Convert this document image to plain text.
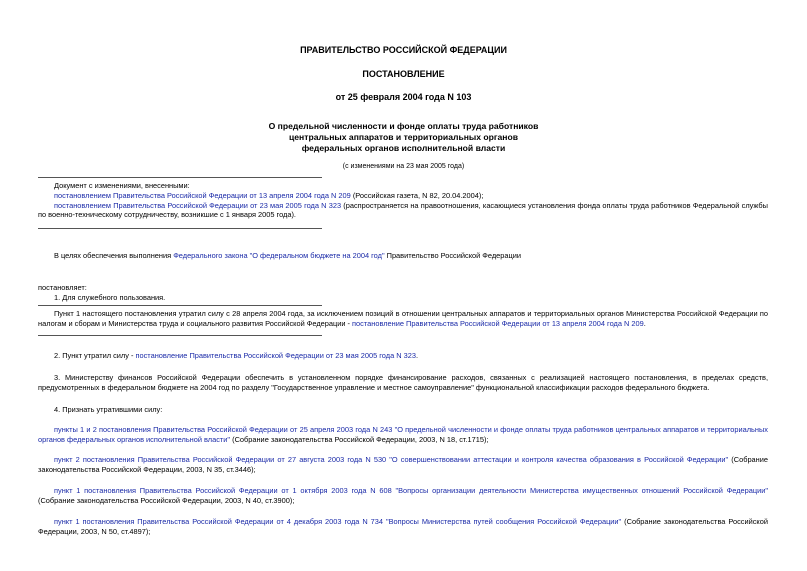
ПРАВИТЕЛЬСТВО РОССИЙСКОЙ ФЕДЕРАЦИИ
ПОСТАНОВЛЕНИЕ
от 25 февраля 2004 года N 103
О предельной численности и фонде оплаты труда работников
центральных аппаратов и территориальных органов
федеральных органов исполнительной власти
(с изменениями на 23 мая 2005 года)

Документ с изменениями, внесенными:

постановлением Правительства Российской Федерации от 13 апреля 2004 года N 209 (Российская газета, N 82, 20.04.2004);

постановлением Правительства Российской Федерации от 23 мая 2005 года N 323 (распространяется на правоотношения, касающиеся установления фонда оплаты труда работников Федеральной службы по военно-техническому сотрудничеству, возникшие с 1 января 2005 года).

В целях обеспечения выполнения Федерального закона "О федеральном бюджете на 2004 год" Правительство Российской Федерации

постановляет:
1. Для служебного пользования.

Пункт 1 настоящего постановления утратил силу с 28 апреля 2004 года, за исключением позиций в отношении центральных аппаратов и территориальных органов Министерства Российской Федерации по налогам и сборам и Министерства труда и социального развития Российской Федерации - постановление Правительства Российской Федерации от 13 апреля 2004 года N 209.

2. Пункт утратил силу - постановление Правительства Российской Федерации от 23 мая 2005 года N 323.

3. Министерству финансов Российской Федерации обеспечить в установленном порядке финансирование расходов, связанных с реализацией настоящего постановления, в пределах средств, предусмотренных в федеральном бюджете на 2004 год по разделу "Государственное управление и местное самоуправление" функциональной классификации расходов федерального бюджета.
4. Признать утратившими силу:

пункты 1 и 2 постановления Правительства Российской Федерации от 25 апреля 2003 года N 243 "О предельной численности и фонде оплаты труда работников центральных аппаратов и территориальных органов федеральных органов исполнительной власти" (Собрание законодательства Российской Федерации, 2003, N 18, ст.1715);

пункт 2 постановления Правительства Российской Федерации от 27 августа 2003 года N 530 "О совершенствовании аттестации и контроля качества образования в Российской Федерации" (Собрание законодательства Российской Федерации, 2003, N 35, ст.3446);

пункт 1 постановления Правительства Российской Федерации от 1 октября 2003 года N 608 "Вопросы организации деятельности Министерства имущественных отношений Российской Федерации" (Собрание законодательства Российской Федерации, 2003, N 40, ст.3900);

пункт 1 постановления Правительства Российской Федерации от 4 декабря 2003 года N 734 "Вопросы Министерства путей сообщения Российской Федерации" (Собрание законодательства Российской Федерации, 2003, N 50, ст.4897);
